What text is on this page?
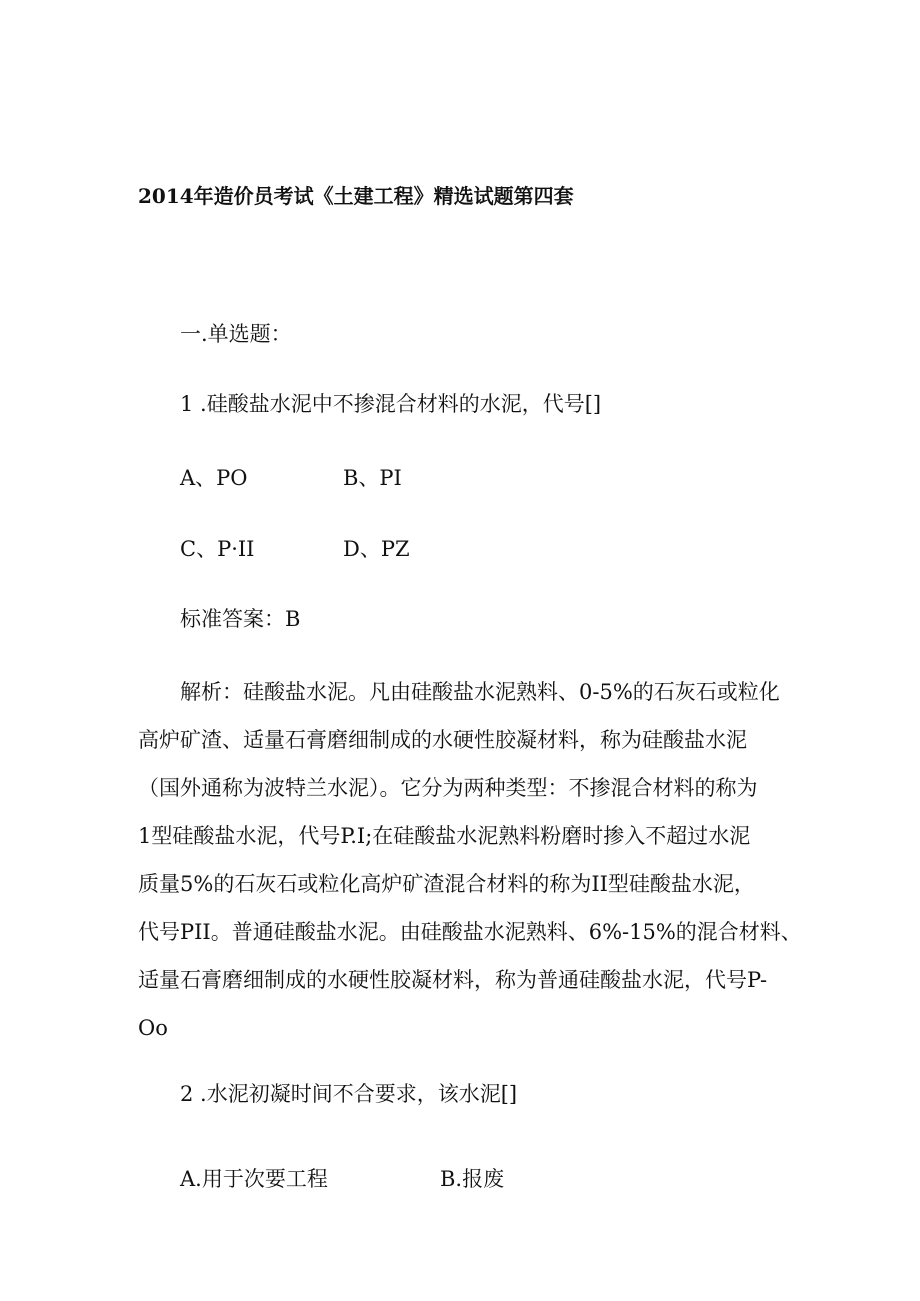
2014年造价员考试《土建工程》精选试题第四套
一.单选题：
1 .硅酸盐水泥中不掺混合材料的水泥，代号[]
A、PO	B、PI
C、P·II	D、PZ
标准答案：B
解析：硅酸盐水泥。凡由硅酸盐水泥熟料、0-5%的石灰石或粒化
高炉矿渣、适量石膏磨细制成的水硬性胶凝材料，称为硅酸盐水泥
（国外通称为波特兰水泥）。它分为两种类型：不掺混合材料的称为
1型硅酸盐水泥，代号P.I;在硅酸盐水泥熟料粉磨时掺入不超过水泥
质量5%的石灰石或粒化高炉矿渣混合材料的称为II型硅酸盐水泥，
代号PII。普通硅酸盐水泥。由硅酸盐水泥熟料、6%-15%的混合材料、
适量石膏磨细制成的水硬性胶凝材料，称为普通硅酸盐水泥，代号P-
Oo
2 .水泥初凝时间不合要求，该水泥[]
A.用于次要工程	B.报废
